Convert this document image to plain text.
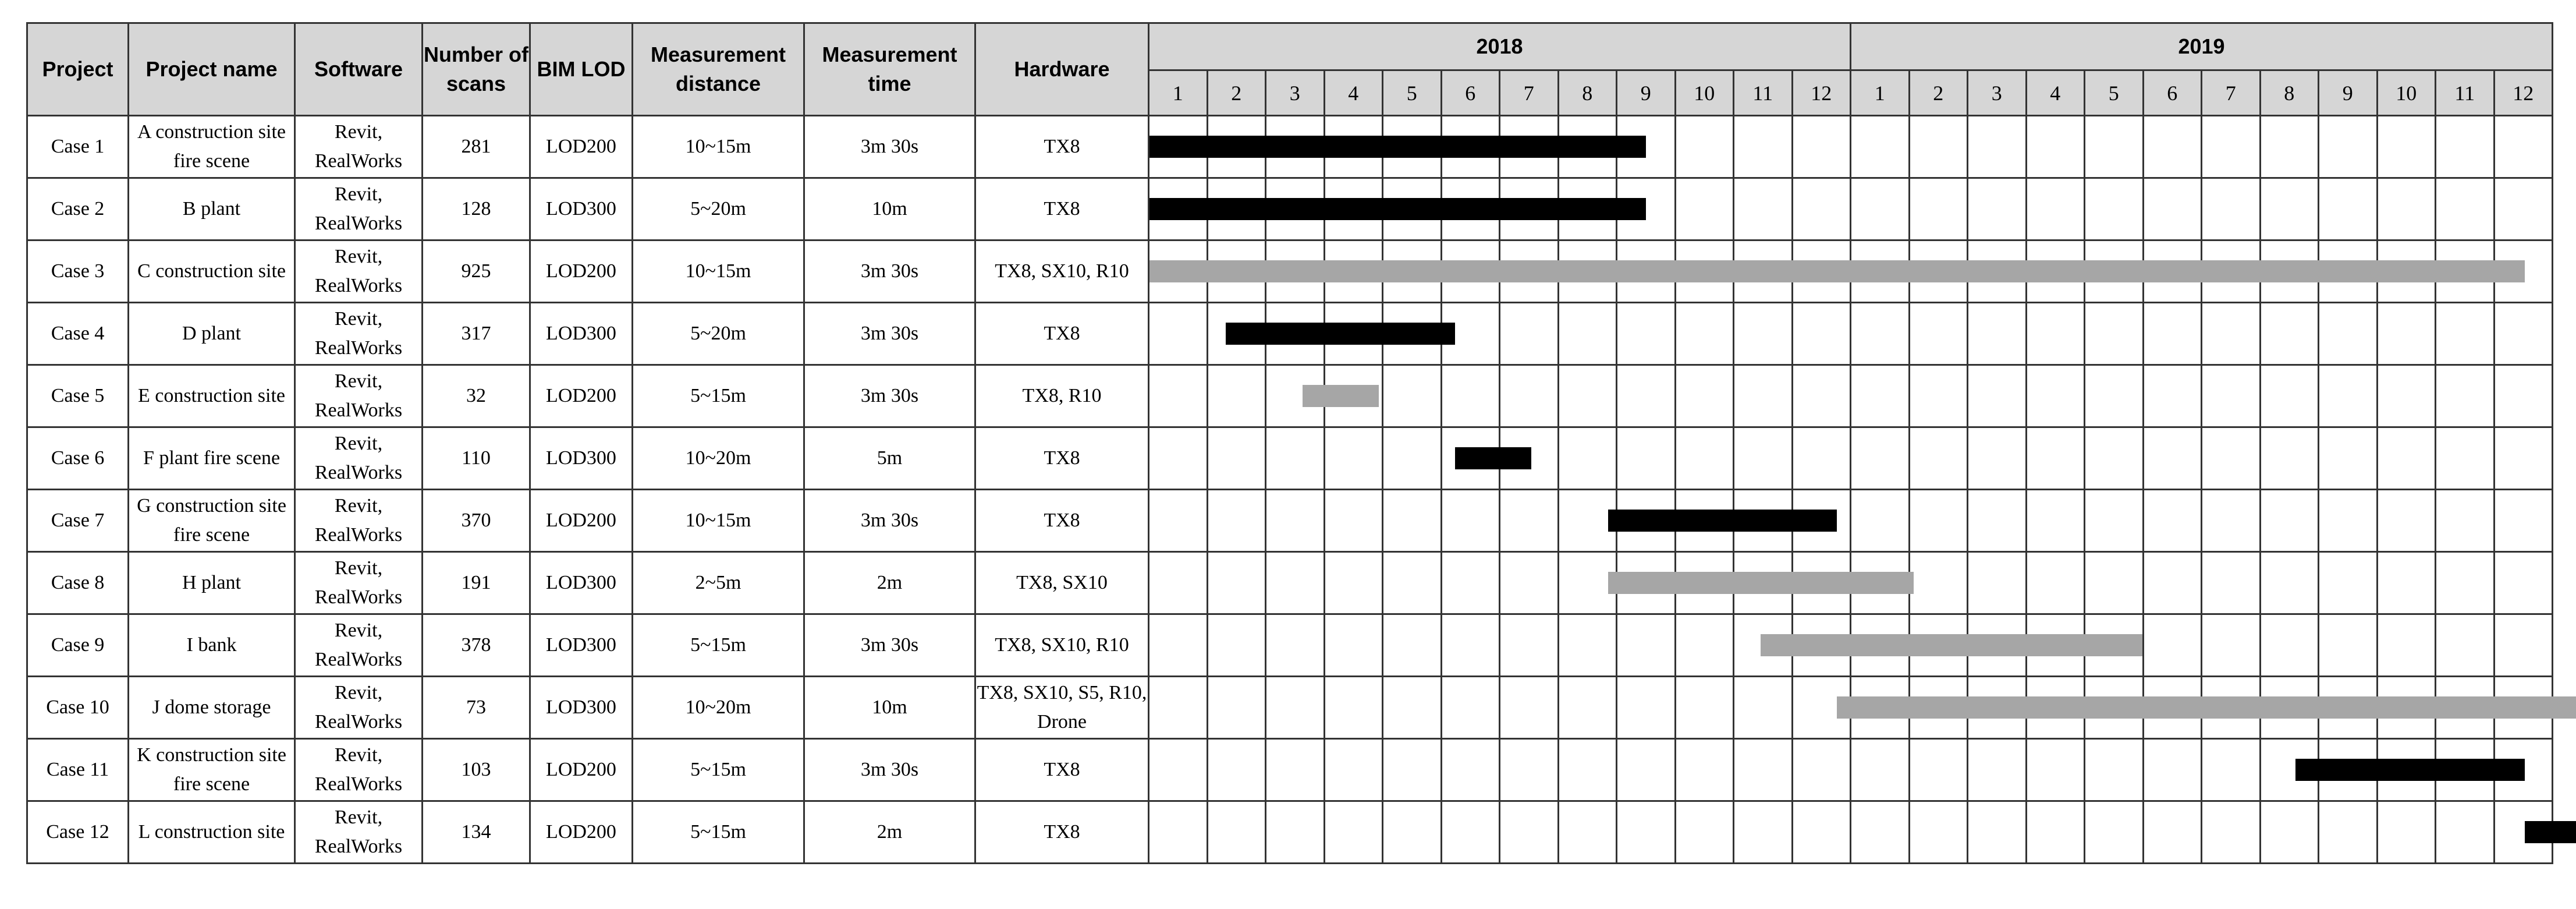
Project	Project name	Software	Number of scans	BIM LOD	Measurement distance	Measurement time	Hardware	2018												2019											
								1	2	3	4	5	6	7	8	9	10	11	12	1	2	3	4	5	6	7	8	9	10	11	12
Case 1	A construction site fire scene	Revit, RealWorks	281	LOD200	10~15m	3m 30s	TX8	

Case 2	B plant	Revit, RealWorks	128	LOD300	5~20m	10m	TX8	

Case 3	C construction site	Revit, RealWorks	925	LOD200	10~15m	3m 30s	TX8, SX10, R10	

Case 4	D plant	Revit, RealWorks	317	LOD300	5~20m	3m 30s	TX8	

Case 5	E construction site	Revit, RealWorks	32	LOD200	5~15m	3m 30s	TX8, R10	

Case 6	F plant fire scene	Revit, RealWorks	110	LOD300	10~20m	5m	TX8	

Case 7	G construction site fire scene	Revit, RealWorks	370	LOD200	10~15m	3m 30s	TX8	

Case 8	H plant	Revit, RealWorks	191	LOD300	2~5m	2m	TX8, SX10	

Case 9	I bank	Revit, RealWorks	378	LOD300	5~15m	3m 30s	TX8, SX10, R10	

Case 10	J dome storage	Revit, RealWorks	73	LOD300	10~20m	10m	TX8, SX10, S5, R10, Drone	

Case 11	K construction site fire scene	Revit, RealWorks	103	LOD200	5~15m	3m 30s	TX8	

Case 12	L construction site	Revit, RealWorks	134	LOD200	5~15m	2m	TX8	
